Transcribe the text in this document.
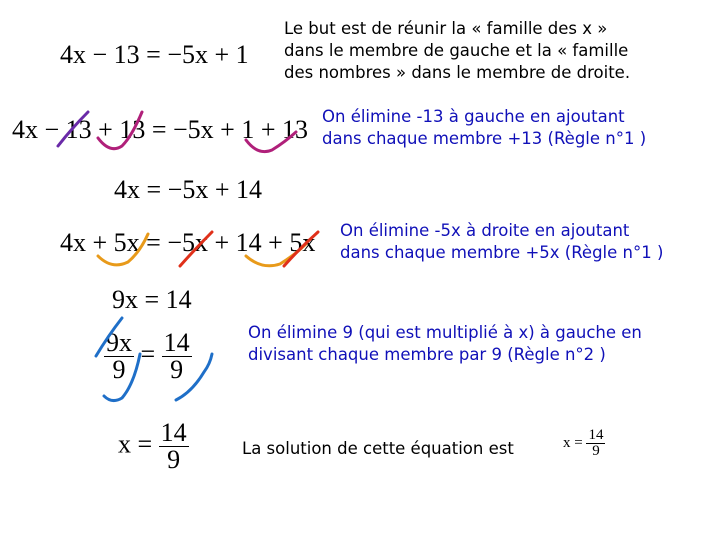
Le but est de réunir la « famille des x »
dans le membre de gauche et la « famille
des nombres » dans le membre de droite.
4x − 13 = −5x + 1
4x − 13 + 13 = −5x + 1 + 13 On élimine -13 à gauche en ajoutant
dans chaque membre +13 (Règle n°1 )
4x = −5x + 14
4x + 5x = −5x + 14 + 5x On élimine -5x à droite en ajoutant
dans chaque membre +5x (Règle n°1 )
9x = 14
$\frac{9x}{9} = \frac{14}{9}$	On élimine 9 (qui est multiplié à x) à gauche en
divisant chaque membre par 9 (Règle n°2 )
$x = \frac{14}{9}$	La solution de cette équation est	$x = \frac{14}{9}$
